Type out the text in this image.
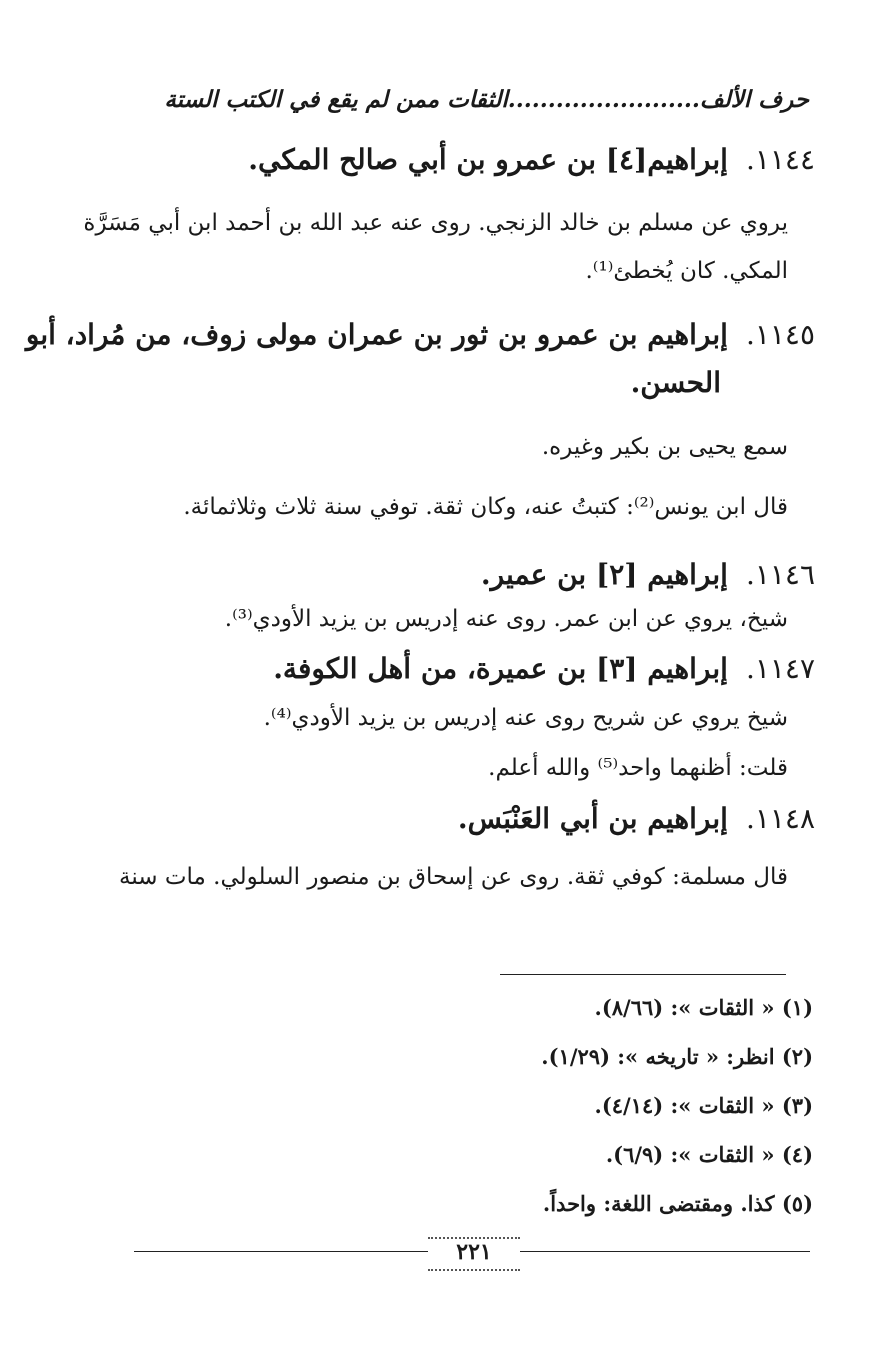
حرف الألف........................الثقات ممن لم يقع في الكتب الستة
١١٤٤.إبراهيم[٤] بن عمرو بن أبي صالح المكي.
يروي عن مسلم بن خالد الزنجي. روى عنه عبد الله بن أحمد ابن أبي مَسَرَّة
المكي. كان يُخطئ⁽¹⁾.
١١٤٥.إبراهيم بن عمرو بن ثور بن عمران مولى زوف، من مُراد، أبو
الحسن.
سمع يحيى بن بكير وغيره.
قال ابن يونس⁽²⁾: كتبتُ عنه، وكان ثقة. توفي سنة ثلاث وثلاثمائة.
١١٤٦.إبراهيم [٢] بن عمير.
شيخ، يروي عن ابن عمر. روى عنه إدريس بن يزيد الأودي⁽³⁾.
١١٤٧.إبراهيم [٣] بن عميرة، من أهل الكوفة.
شيخ يروي عن شريح روى عنه إدريس بن يزيد الأودي⁽⁴⁾.
قلت: أظنهما واحد⁽⁵⁾ والله أعلم.
١١٤٨.إبراهيم بن أبي العَنْبَس.
قال مسلمة: كوفي ثقة. روى عن إسحاق بن منصور السلولي. مات سنة
(١) « الثقات »: (٨/٦٦).
(٢) انظر: « تاريخه »: (١/٢٩).
(٣) « الثقات »: (٤/١٤).
(٤) « الثقات »: (٦/٩).
(٥) كذا. ومقتضى اللغة: واحداً.
٢٢١
